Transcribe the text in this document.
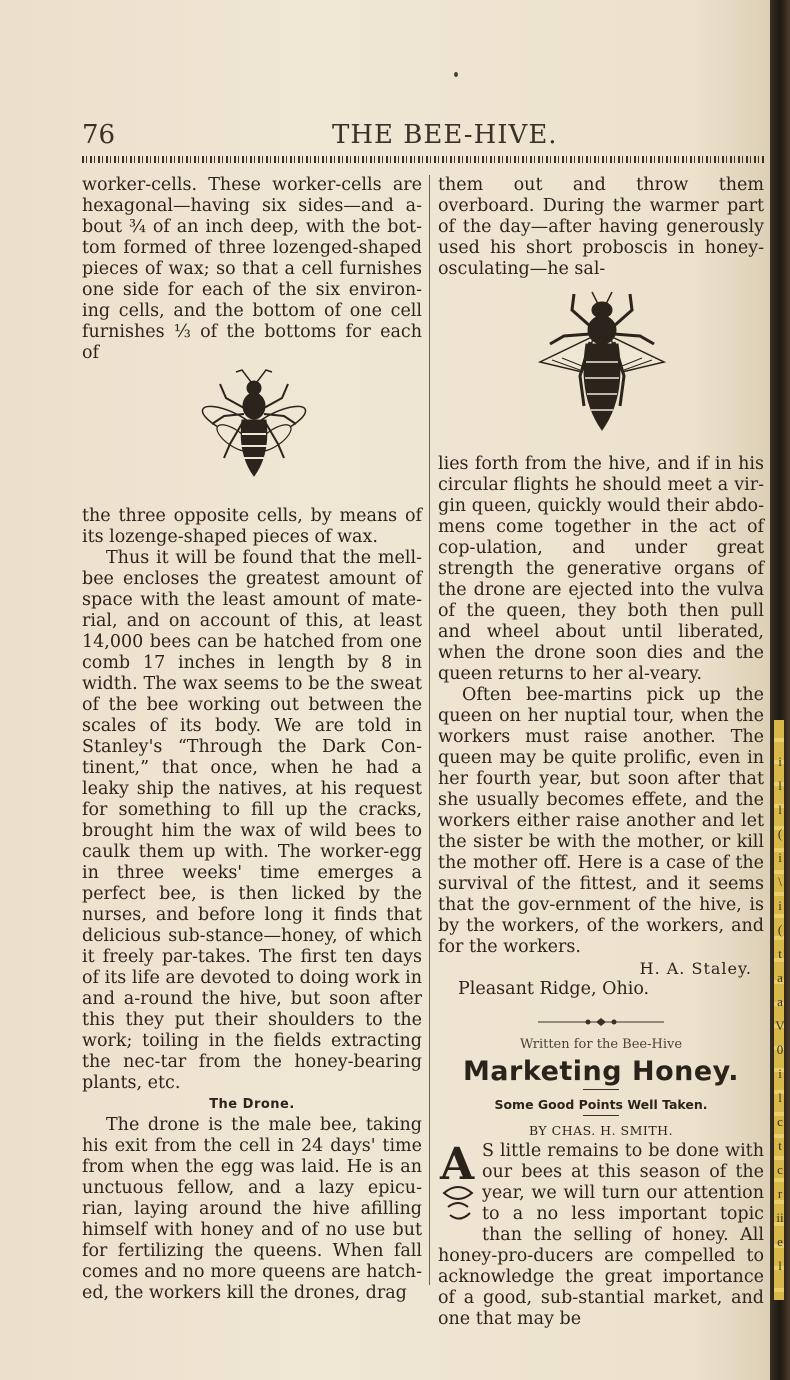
76	THE BEE-HIVE.

worker-cells. These worker-cells are hexagonal—having six sides—and a-bout ¾ of an inch deep, with the bot-tom formed of three lozenged-shaped pieces of wax; so that a cell furnishes one side for each of the six environ-ing cells, and the bottom of one cell furnishes ⅓ of the bottoms for each of

the three opposite cells, by means of its lozenge-shaped pieces of wax.

Thus it will be found that the mell-bee encloses the greatest amount of space with the least amount of mate-rial, and on account of this, at least 14,000 bees can be hatched from one comb 17 inches in length by 8 in width. The wax seems to be the sweat of the bee working out between the scales of its body. We are told in Stanley's “Through the Dark Con-tinent,” that once, when he had a leaky ship the natives, at his request for something to fill up the cracks, brought him the wax of wild bees to caulk them up with. The worker-egg in three weeks' time emerges a perfect bee, is then licked by the nurses, and before long it finds that delicious sub-stance—honey, of which it freely par-takes. The first ten days of its life are devoted to doing work in and a-round the hive, but soon after this they put their shoulders to the work; toiling in the fields extracting the nec-tar from the honey-bearing plants, etc.

The Drone.

The drone is the male bee, taking his exit from the cell in 24 days' time from when the egg was laid. He is an unctuous fellow, and a lazy epicu-rian, laying around the hive afilling himself with honey and of no use but for fertilizing the queens. When fall comes and no more queens are hatch-ed, the workers kill the drones, drag

them out and throw them overboard. During the warmer part of the day—after having generously used his short proboscis in honey-osculating—he sal-

lies forth from the hive, and if in his circular flights he should meet a vir-gin queen, quickly would their abdo-mens come together in the act of cop-ulation, and under great strength the generative organs of the drone are ejected into the vulva of the queen, they both then pull and wheel about until liberated, when the drone soon dies and the queen returns to her al-veary.

Often bee-martins pick up the queen on her nuptial tour, when the workers must raise another. The queen may be quite prolific, even in her fourth year, but soon after that she usually becomes effete, and the workers either raise another and let the sister be with the mother, or kill the mother off. Here is a case of the survival of the fittest, and it seems that the gov-ernment of the hive, is by the workers, of the workers, and for the workers.

H. A. Staley.

Pleasant Ridge, Ohio.

Written for the Bee-Hive

Marketing Honey.

Some Good Points Well Taken.

BY CHAS. H. SMITH.

A S little remains to be done with our bees at this season of the year, we will turn our attention to a no less important topic than the selling of honey. All honey-pro-ducers are compelled to acknowledge the great importance of a good, sub-stantial market, and one that may be

i
l
l
(
i
\
i
(
t
a
a
V
0
i
l
c
t
c
r
ii
e
l
